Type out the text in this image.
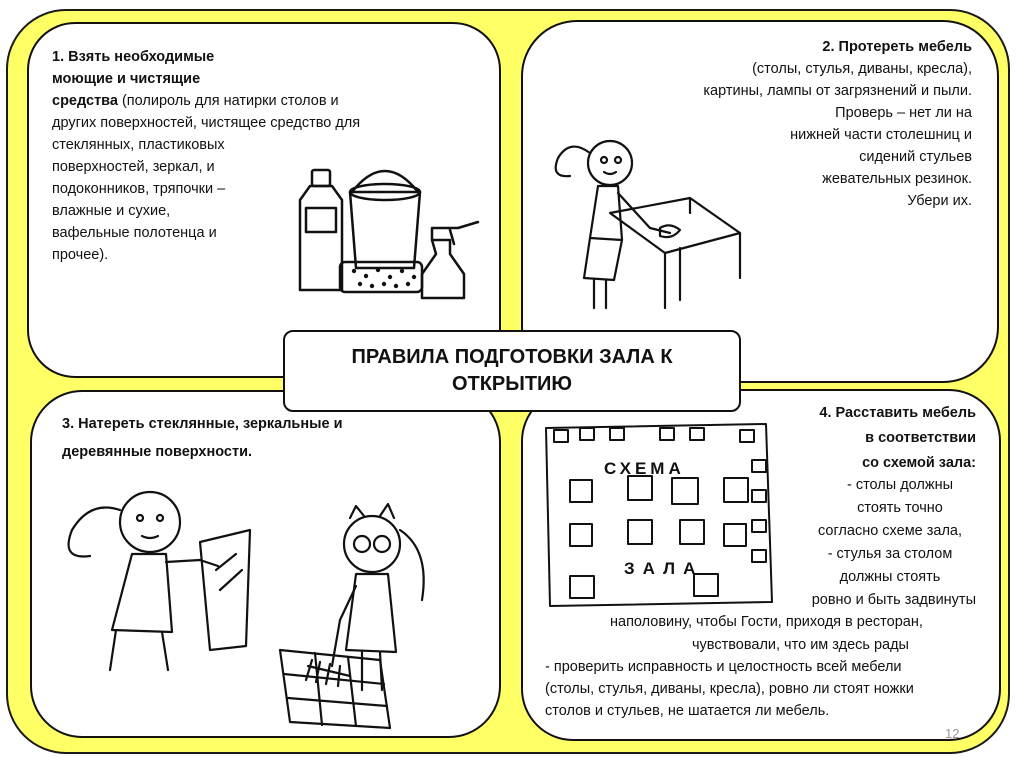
1. Взять необходимые
моющие и чистящие
средства (полироль для натирки столов и
других поверхностей, чистящее средство для
стеклянных, пластиковых
поверхностей, зеркал, и
подоконников, тряпочки –
влажные и сухие,
вафельные полотенца и
прочее).
2. Протереть мебель
(столы, стулья, диваны, кресла),
картины, лампы от загрязнений и пыли.
Проверь – нет ли на
нижней части столешниц и
сидений стульев
жевательных резинок.
Убери их.
3. Натереть стеклянные, зеркальные и
деревянные поверхности.
4. Расставить мебель
в соответствии
со схемой зала:
- столы должны
стоять точно
согласно схеме зала,
- стулья за столом
должны стоять
ровно и быть задвинуты
наполовину, чтобы Гости, приходя в ресторан,
чувствовали, что им здесь рады
- проверить исправность и целостность всей мебели
(столы, стулья, диваны, кресла), ровно ли стоят ножки
столов и стульев, не шатается ли мебель.
СХЕМА
ЗАЛА
ПРАВИЛА ПОДГОТОВКИ ЗАЛА К ОТКРЫТИЮ
12
